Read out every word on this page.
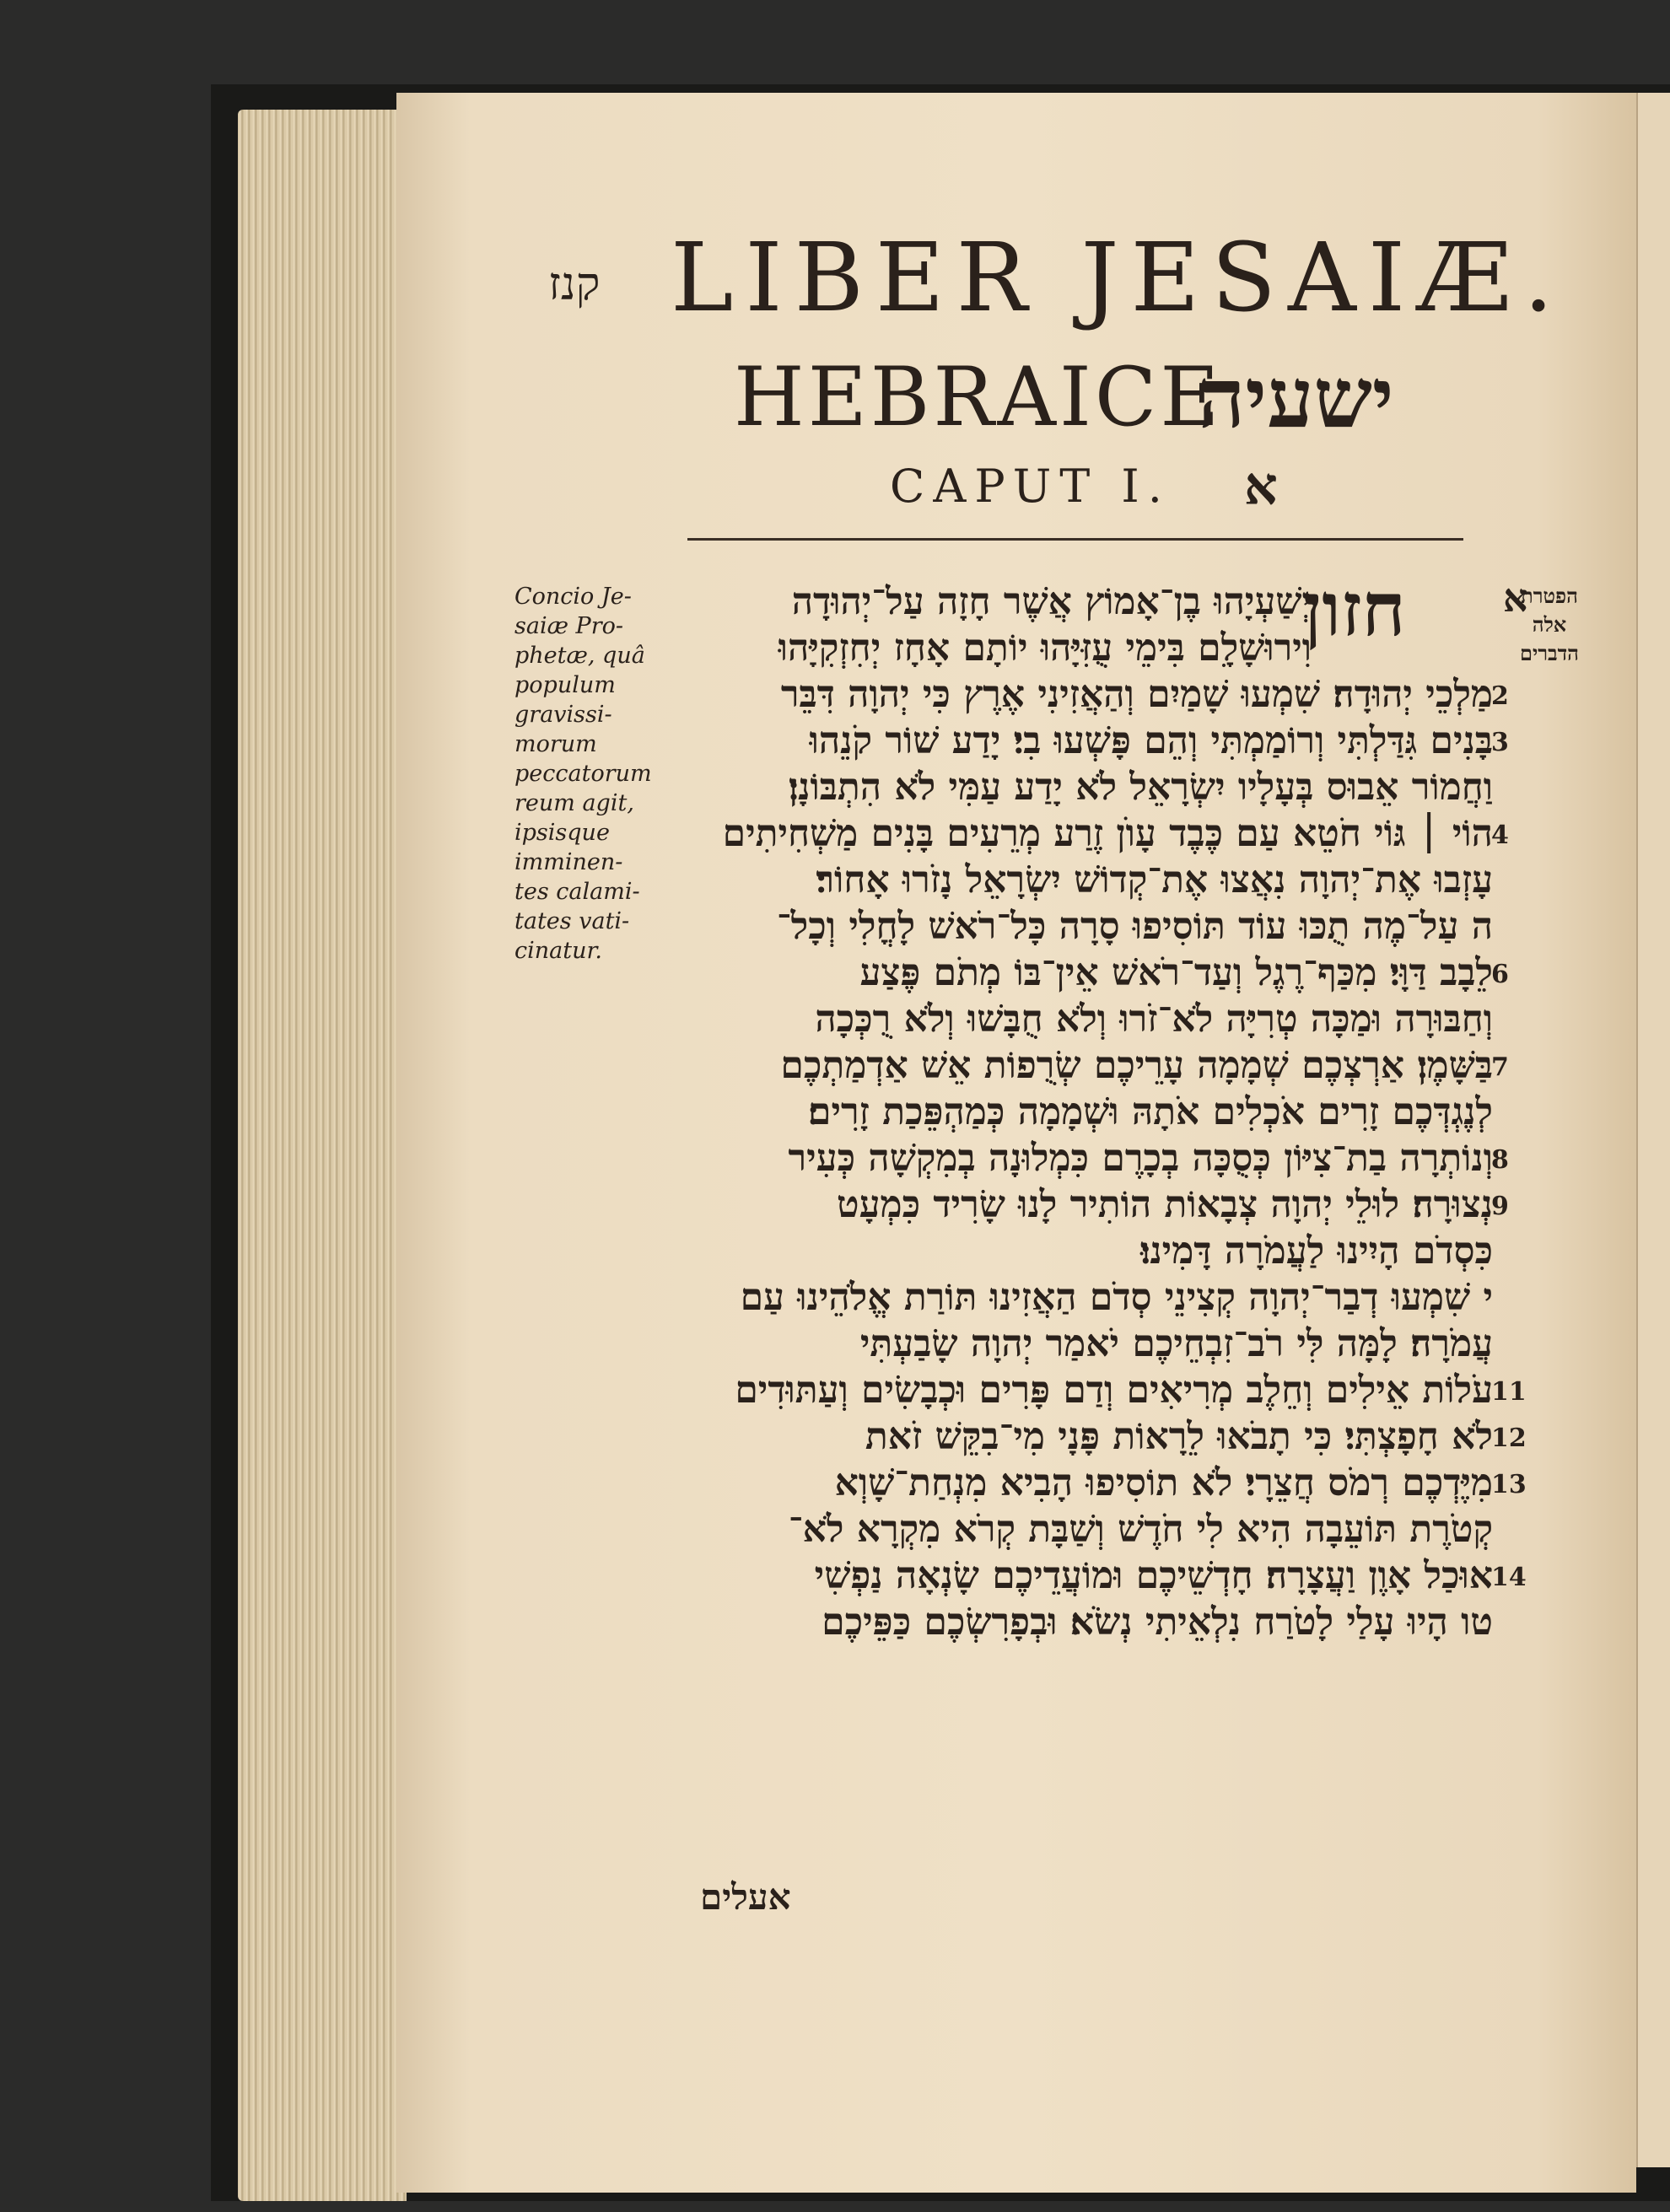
קנז LIBER JESAIÆ.
HEBRAICE
ישעיה
CAPUT I. א
Concio Je-
saiæ Pro-
phetæ, quâ
populum
gravissi-
morum
peccatorum
reum agit,
ipsisque
imminen-
tes calami-
tates vati-
cinatur.
א
הפטרת
אלה
הדברים
חזון
יְשַׁעְיָהוּ בֶן־אָמוֹץ אֲשֶׁר חָזָה עַל־יְהוּדָה
וִירוּשָׁלָ͏ִם בִּימֵי עֻזִּיָּהוּ יוֹתָם אָחָז יְחִזְקִיָּהוּ
מַלְכֵי יְהוּדָה׃ שִׁמְעוּ שָׁמַיִם וְהַאֲזִינִי אֶרֶץ כִּי יְהוָה דִּבֵּר
בָּנִים גִּדַּלְתִּי וְרוֹמַמְתִּי וְהֵם פָּשְׁעוּ בִי׃ יָדַע שׁוֹר קֹנֵהוּ
וַחֲמוֹר אֵבוּס בְּעָלָיו יִשְׂרָאֵל לֹא יָדַע עַמִּי לֹא הִתְבּוֹנָן׃
הוֹי ׀ גּוֹי חֹטֵא עַם כֶּבֶד עָוֺן זֶרַע מְרֵעִים בָּנִים מַשְׁחִיתִים
עָזְבוּ אֶת־יְהוָה נִאֲצוּ אֶת־קְדוֹשׁ יִשְׂרָאֵל נָזֹרוּ אָחוֹר׃
ה עַל־מֶה תֻכּוּ עוֹד תּוֹסִיפוּ סָרָה כָּל־רֹאשׁ לָחֳלִי וְכָל־
לֵבָב דַּוָּי׃ מִכַּף־רֶגֶל וְעַד־רֹאשׁ אֵין־בּוֹ מְתֹם פֶּצַע
וְחַבּוּרָה וּמַכָּה טְרִיָּה לֹא־זֹרוּ וְלֹא חֻבָּשׁוּ וְלֹא רֻכְּכָה
בַּשָּׁמֶן׃ אַרְצְכֶם שְׁמָמָה עָרֵיכֶם שְׂרֻפוֹת אֵשׁ אַדְמַתְכֶם
לְנֶגְדְּכֶם זָרִים אֹכְלִים אֹתָהּ וּשְׁמָמָה כְּמַהְפֵּכַת זָרִים׃
וְנוֹתְרָה בַת־צִיּוֹן כְּסֻכָּה בְכָרֶם כִּמְלוּנָה בְמִקְשָׁה כְּעִיר
נְצוּרָה׃ לוּלֵי יְהוָה צְבָאוֹת הוֹתִיר לָנוּ שָׂרִיד כִּמְעָט
כִּסְדֹם הָיִינוּ לַעֲמֹרָה דָּמִינוּ׃
י שִׁמְעוּ דְבַר־יְהוָה קְצִינֵי סְדֹם הַאֲזִינוּ תּוֹרַת אֱלֹהֵינוּ עַם
עֲמֹרָה׃ לָמָּה לִּי רֹב־זִבְחֵיכֶם יֹאמַר יְהוָה שָׂבַעְתִּי
עֹלוֹת אֵילִים וְחֵלֶב מְרִיאִים וְדַם פָּרִים וּכְבָשִׂים וְעַתּוּדִים
לֹא חָפָצְתִּי׃ כִּי תָבֹאוּ לֵרָאוֹת פָּנָי מִי־בִקֵּשׁ זֹאת
מִיֶּדְכֶם רְמֹס חֲצֵרָי׃ לֹא תוֹסִיפוּ הָבִיא מִנְחַת־שָׁוְא
קְטֹרֶת תּוֹעֵבָה הִיא לִי חֹדֶשׁ וְשַׁבָּת קְרֹא מִקְרָא לֹא־
אוּכַל אָוֶן וַעֲצָרָה׃ חָדְשֵׁיכֶם וּמוֹעֲדֵיכֶם שָׂנְאָה נַפְשִׁי
טו הָיוּ עָלַי לָטֹרַח נִלְאֵיתִי נְשֹׂא׃ וּבְפָרִשְׂכֶם כַּפֵּיכֶם
2
3
4
6
7
8
9
11
12
13
14
אעלים
